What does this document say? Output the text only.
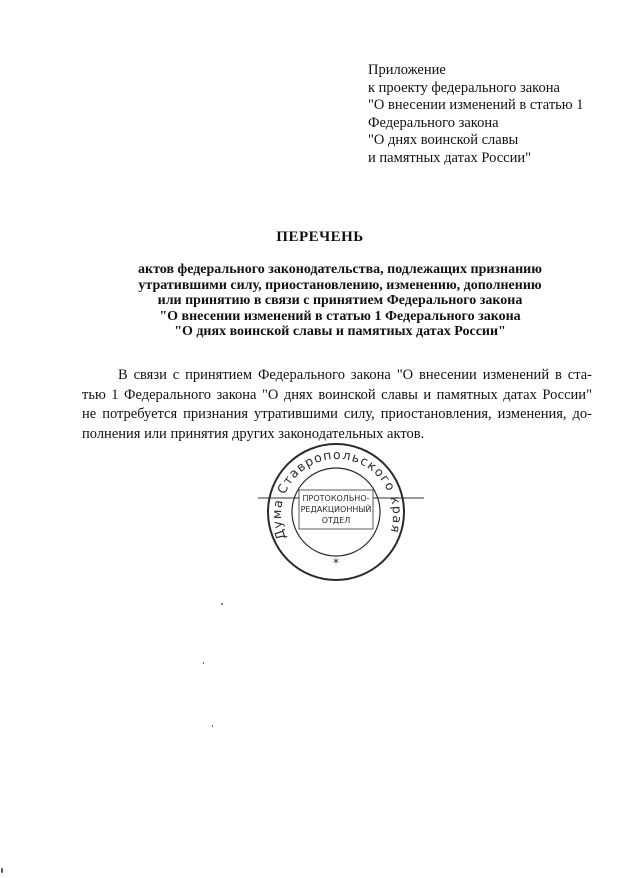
Приложение
к проекту федерального закона
"О внесении изменений в статью 1
Федерального закона
"О днях воинской славы
и памятных датах России"
ПЕРЕЧЕНЬ
актов федерального законодательства, подлежащих признанию
утратившими силу, приостановлению, изменению, дополнению
или принятию в связи с принятием Федерального закона
"О внесении изменений в статью 1 Федерального закона
"О днях воинской славы и памятных датах России"
В связи с принятием Федерального закона "О внесении изменений в ста-
тью 1 Федерального закона "О днях воинской славы и памятных датах России"
не потребуется признания утратившими силу, приостановления, изменения, до-
полнения или принятия других законодательных актов.
Дума Ставропольского края
ПРОТОКОЛЬНО-
РЕДАКЦИОННЫЙ
ОТДЕЛ
*
